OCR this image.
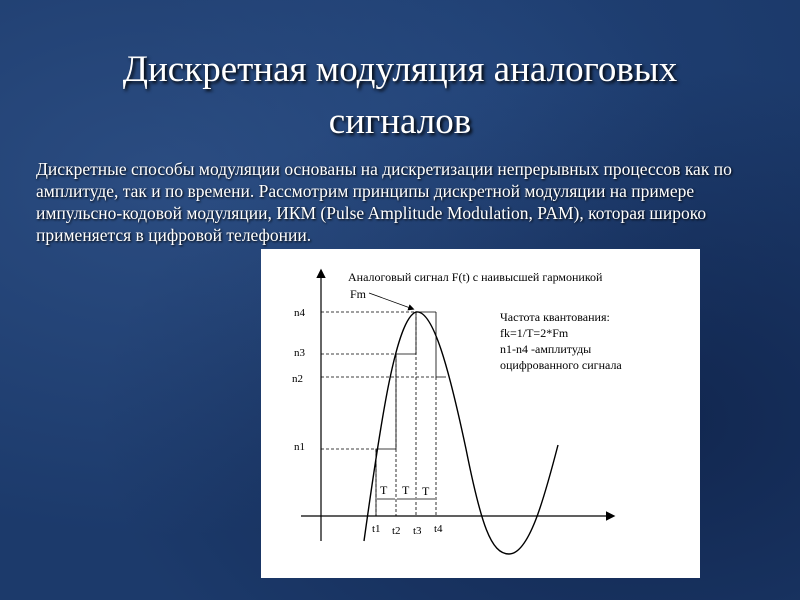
Дискретная модуляция аналоговых
сигналов
Дискретные способы модуляции основаны на дискретизации непрерывных процессов как по амплитуде, так и по времени. Рассмотрим принципы дискретной модуляции на примере импульсно-кодовой модуляции, ИКМ (Pulse Amplitude Modulation, PAM), которая широко применяется в цифровой телефонии.
T T T
n4
n3
n2
n1
t1 t2 t3 t4
Аналоговый сигнал F(t) с наивысшей гармоникой
Fm
Частота квантования:
fk=1/T=2*Fm
n1-n4 -амплитуды
оцифрованного сигнала
